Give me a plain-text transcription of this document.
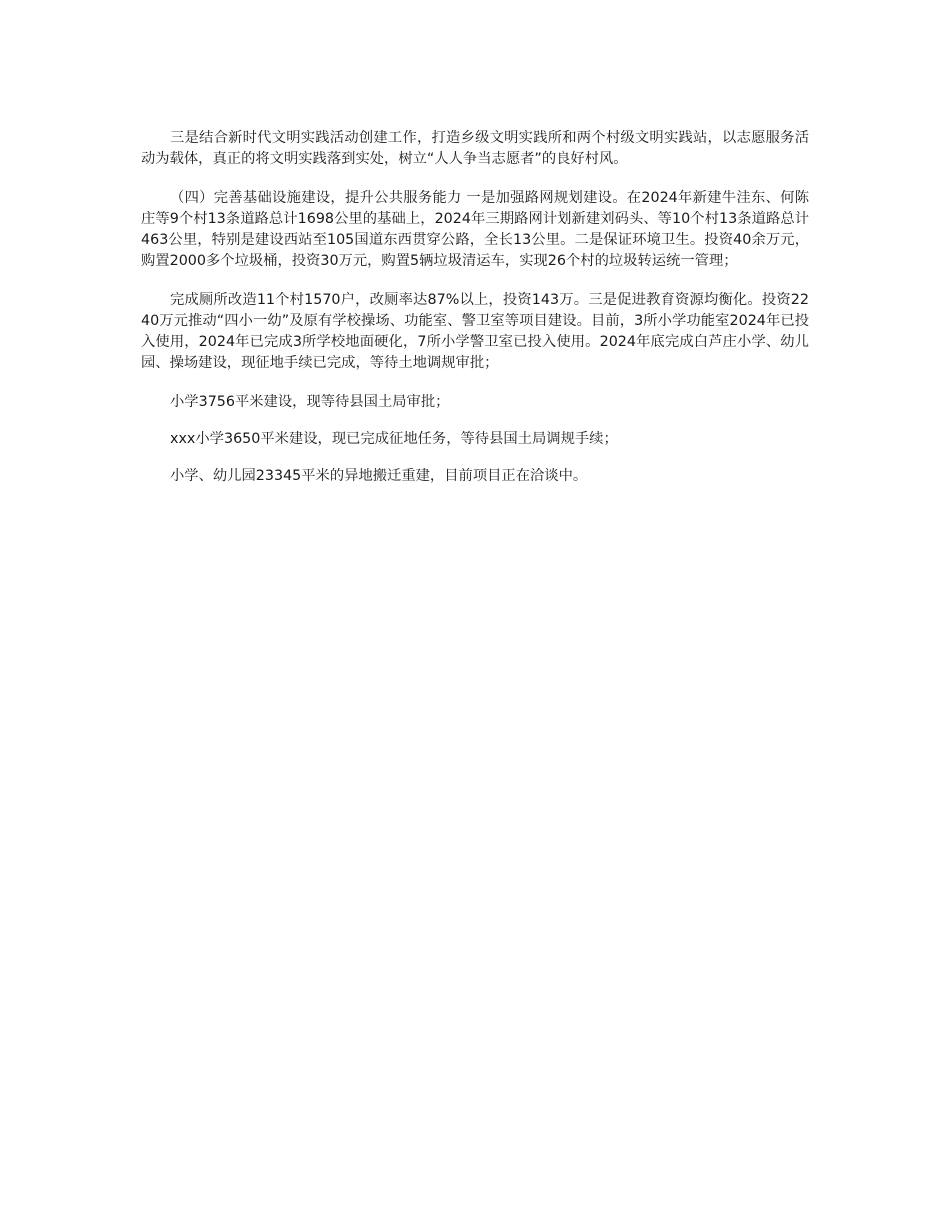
三是结合新时代文明实践活动创建工作，打造乡级文明实践所和两个村级文明实践站，以志愿服务活动为载体，真正的将文明实践落到实处，树立“人人争当志愿者”的良好村风。

（四）完善基础设施建设，提升公共服务能力 一是加强路网规划建设。在2024年新建牛洼东、何陈庄等9个村13条道路总计1698公里的基础上，2024年三期路网计划新建刘码头、等10个村13条道路总计463公里，特别是建设西站至105国道东西贯穿公路，全长13公里。二是保证环境卫生。投资40余万元，购置2000多个垃圾桶，投资30万元，购置5辆垃圾清运车，实现26个村的垃圾转运统一管理；

完成厕所改造11个村1570户，改厕率达87%以上，投资143万。三是促进教育资源均衡化。投资2240万元推动“四小一幼”及原有学校操场、功能室、警卫室等项目建设。目前，3所小学功能室2024年已投入使用，2024年已完成3所学校地面硬化，7所小学警卫室已投入使用。2024年底完成白芦庄小学、幼儿园、操场建设，现征地手续已完成，等待土地调规审批；

小学3756平米建设，现等待县国土局审批；

xxx小学3650平米建设，现已完成征地任务，等待县国土局调规手续；

小学、幼儿园23345平米的异地搬迁重建，目前项目正在洽谈中。
